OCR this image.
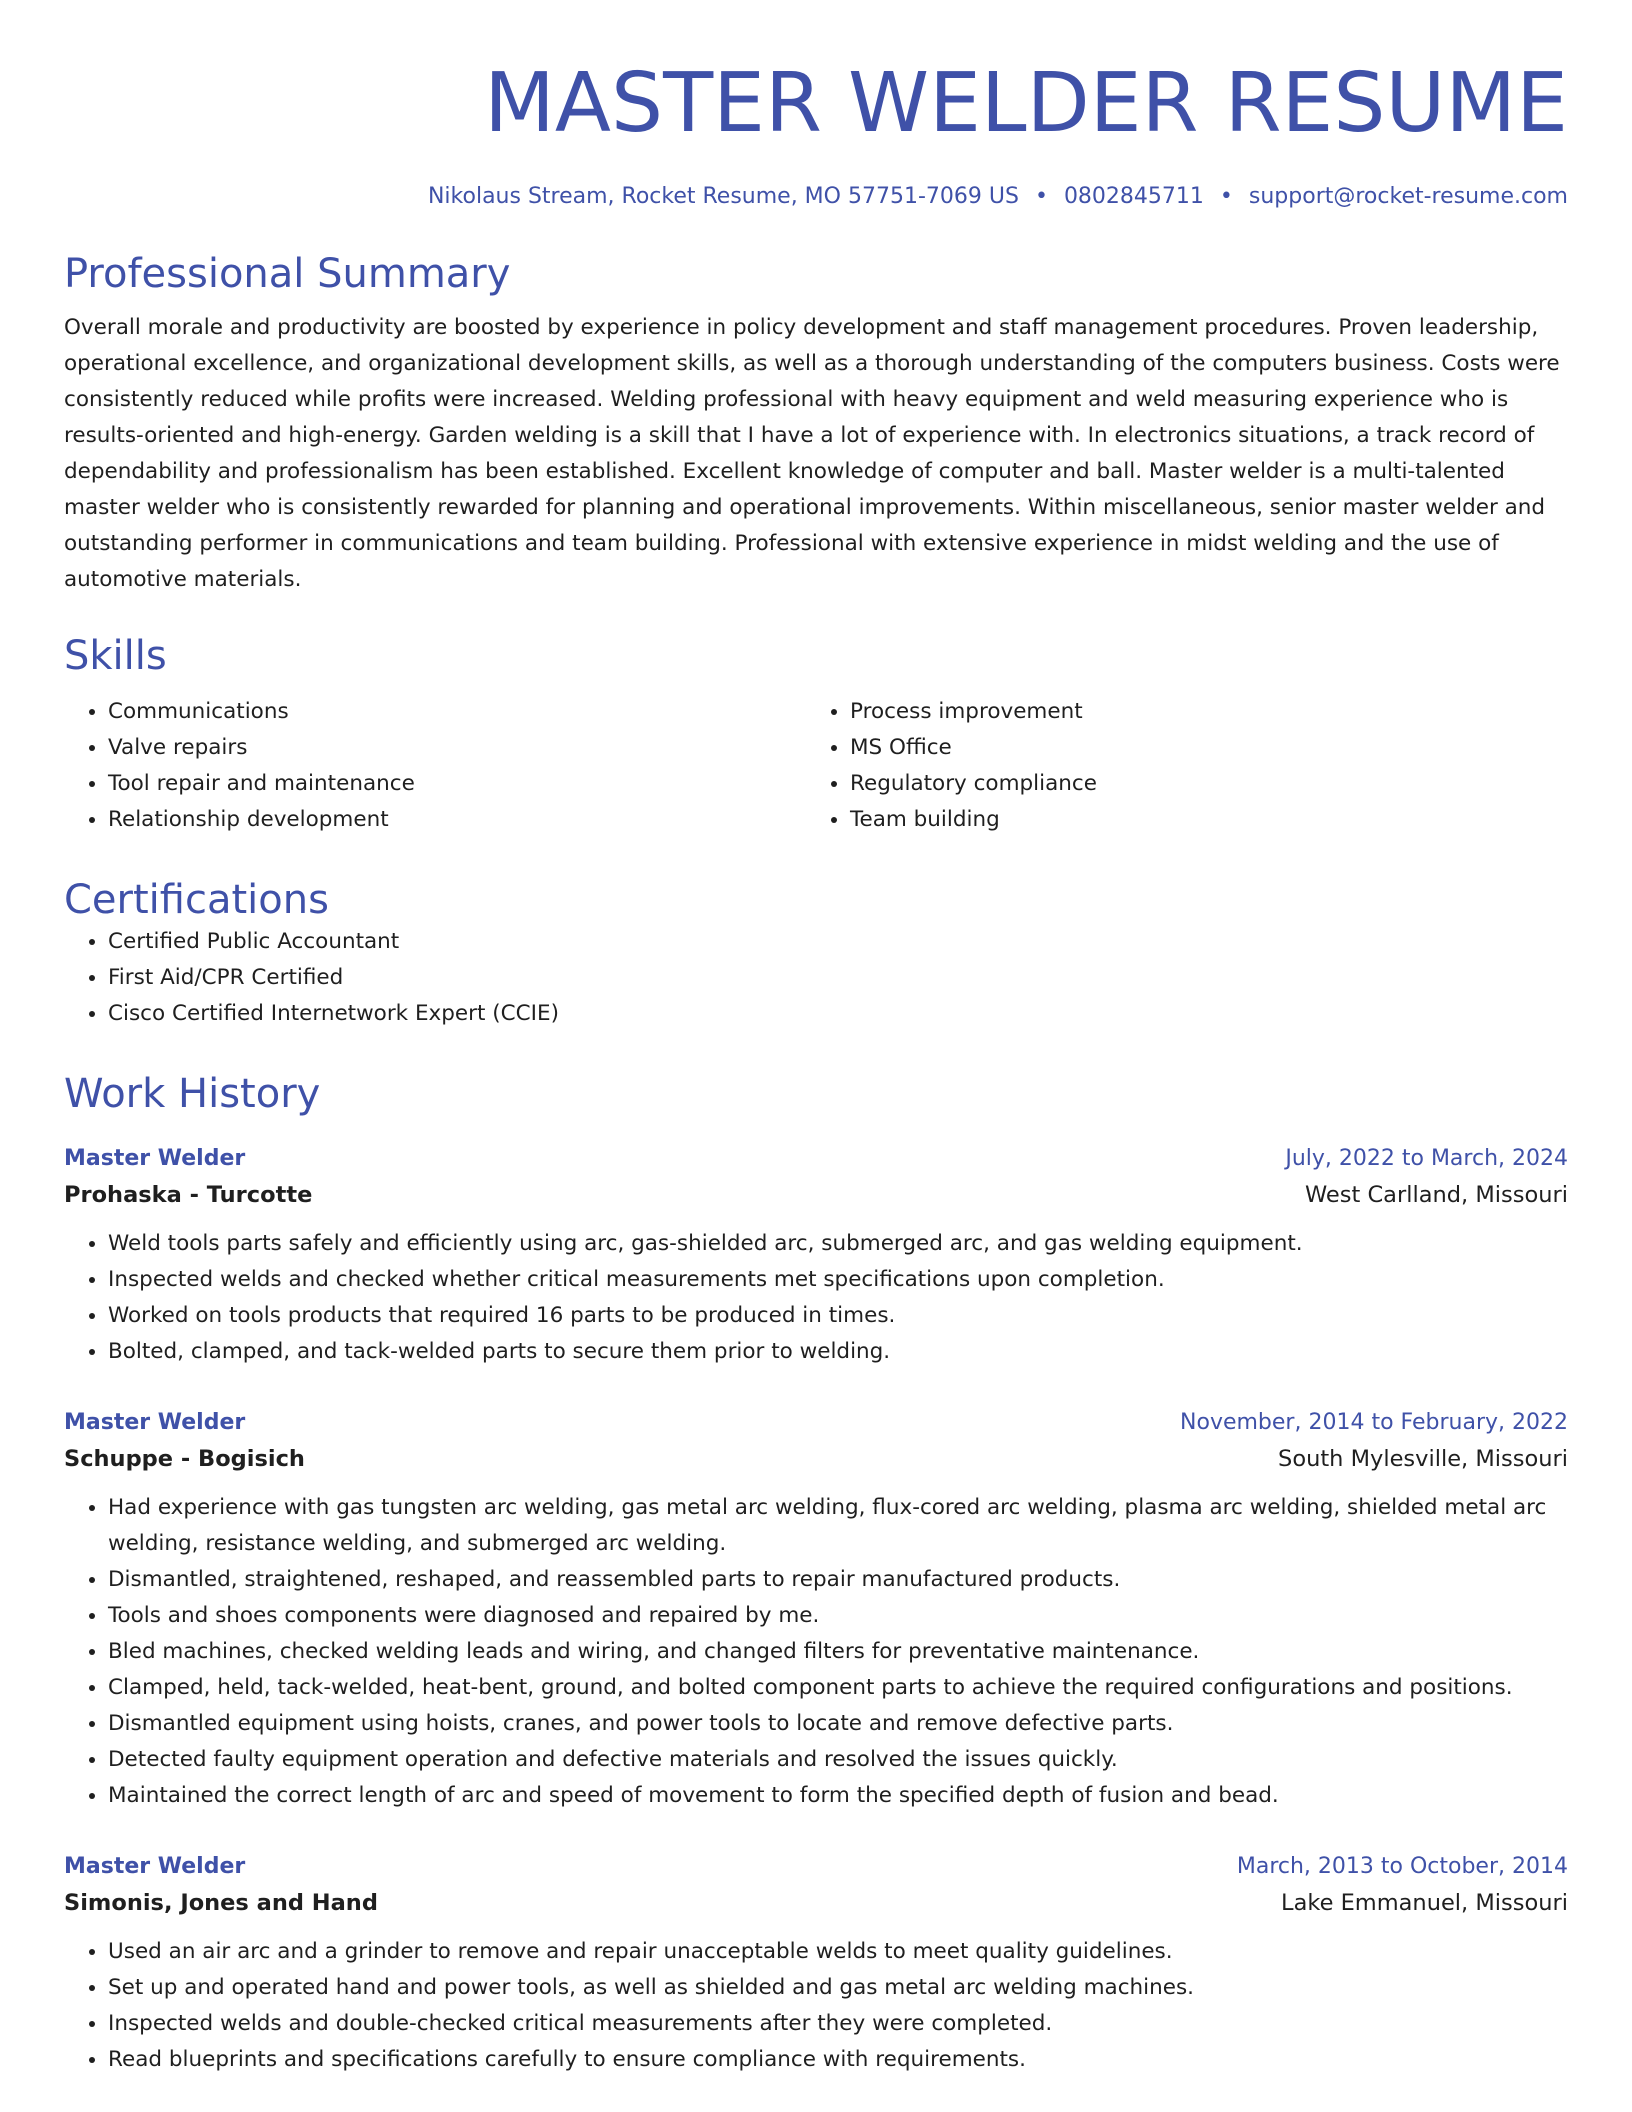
MASTER WELDER RESUME
Nikolaus Stream, Rocket Resume, MO 57751-7069 US • 0802845711 • support@rocket-resume.com
Professional Summary

Overall morale and productivity are boosted by experience in policy development and staff management procedures. Proven leadership, operational excellence, and organizational development skills, as well as a thorough understanding of the computers business. Costs were consistently reduced while profits were increased. Welding professional with heavy equipment and weld measuring experience who is results-oriented and high-energy. Garden welding is a skill that I have a lot of experience with. In electronics situations, a track record of dependability and professionalism has been established. Excellent knowledge of computer and ball. Master welder is a multi-talented master welder who is consistently rewarded for planning and operational improvements. Within miscellaneous, senior master welder and outstanding performer in communications and team building. Professional with extensive experience in midst welding and the use of automotive materials.

Skills
• Communications
• Valve repairs
• Tool repair and maintenance
• Relationship development
• Process improvement
• MS Office
• Regulatory compliance
• Team building
Certifications
• Certified Public Accountant
• First Aid/CPR Certified
• Cisco Certified Internetwork Expert (CCIE)
Work History
Master Welder	July, 2022 to March, 2024
Prohaska - Turcotte	West Carlland, Missouri
• Weld tools parts safely and efficiently using arc, gas-shielded arc, submerged arc, and gas welding equipment.
• Inspected welds and checked whether critical measurements met specifications upon completion.
• Worked on tools products that required 16 parts to be produced in times.
• Bolted, clamped, and tack-welded parts to secure them prior to welding.
Master Welder	November, 2014 to February, 2022
Schuppe - Bogisich	South Mylesville, Missouri
• Had experience with gas tungsten arc welding, gas metal arc welding, flux-cored arc welding, plasma arc welding, shielded metal arc welding, resistance welding, and submerged arc welding.
• Dismantled, straightened, reshaped, and reassembled parts to repair manufactured products.
• Tools and shoes components were diagnosed and repaired by me.
• Bled machines, checked welding leads and wiring, and changed filters for preventative maintenance.
• Clamped, held, tack-welded, heat-bent, ground, and bolted component parts to achieve the required configurations and positions.
• Dismantled equipment using hoists, cranes, and power tools to locate and remove defective parts.
• Detected faulty equipment operation and defective materials and resolved the issues quickly.
• Maintained the correct length of arc and speed of movement to form the specified depth of fusion and bead.
Master Welder	March, 2013 to October, 2014
Simonis, Jones and Hand	Lake Emmanuel, Missouri
• Used an air arc and a grinder to remove and repair unacceptable welds to meet quality guidelines.
• Set up and operated hand and power tools, as well as shielded and gas metal arc welding machines.
• Inspected welds and double-checked critical measurements after they were completed.
• Read blueprints and specifications carefully to ensure compliance with requirements.
